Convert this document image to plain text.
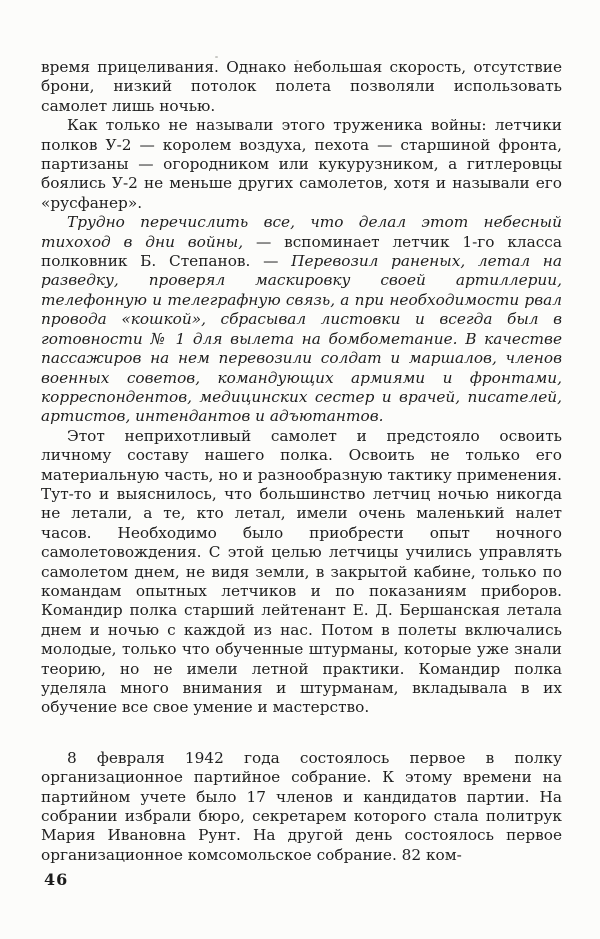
время прицеливания. Однако небольшая скорость, отсутствие брони, низкий потолок полета позволяли использовать самолет лишь ночью.

Как только не называли этого труженика войны: летчики полков У-2 — королем воздуха, пехота — старшиной фронта, партизаны — огородником или кукурузником, а гитлеровцы боялись У-2 не меньше других самолетов, хотя и называли его «русфанер».

Трудно перечислить все, что делал этот небесный тихоход в дни войны, — вспоминает летчик 1-го класса полковник Б. Степанов. — Перевозил раненых, летал на разведку, проверял маскировку своей артиллерии, телефонную и телеграфную связь, а при необходимости рвал провода «кошкой», сбрасывал листовки и всегда был в готовности № 1 для вылета на бомбометание. В качестве пассажиров на нем перевозили солдат и маршалов, членов военных советов, командующих армиями и фронтами, корреспондентов, медицинских сестер и врачей, писателей, артистов, интендантов и адъютантов.

Этот неприхотливый самолет и предстояло освоить личному составу нашего полка. Освоить не только его материальную часть, но и разнообразную тактику применения. Тут-то и выяснилось, что большинство летчиц ночью никогда не летали, а те, кто летал, имели очень маленький налет часов. Необходимо было приобрести опыт ночного самолетовождения. С этой целью летчицы учились управлять самолетом днем, не видя земли, в закрытой кабине, только по командам опытных летчиков и по показаниям приборов. Командир полка старший лейтенант Е. Д. Бершанская летала днем и ночью с каждой из нас. Потом в полеты включались молодые, только что обученные штурманы, которые уже знали теорию, но не имели летной практики. Командир полка уделяла много внимания и штурманам, вкладывала в их обучение все свое умение и мастерство.

8 февраля 1942 года состоялось первое в полку организационное партийное собрание. К этому времени на партийном учете было 17 членов и кандидатов партии. На собрании избрали бюро, секретарем которого стала политрук Мария Ивановна Рунт. На другой день состоялось первое организационное комсомольское собрание. 82 ком-

46
